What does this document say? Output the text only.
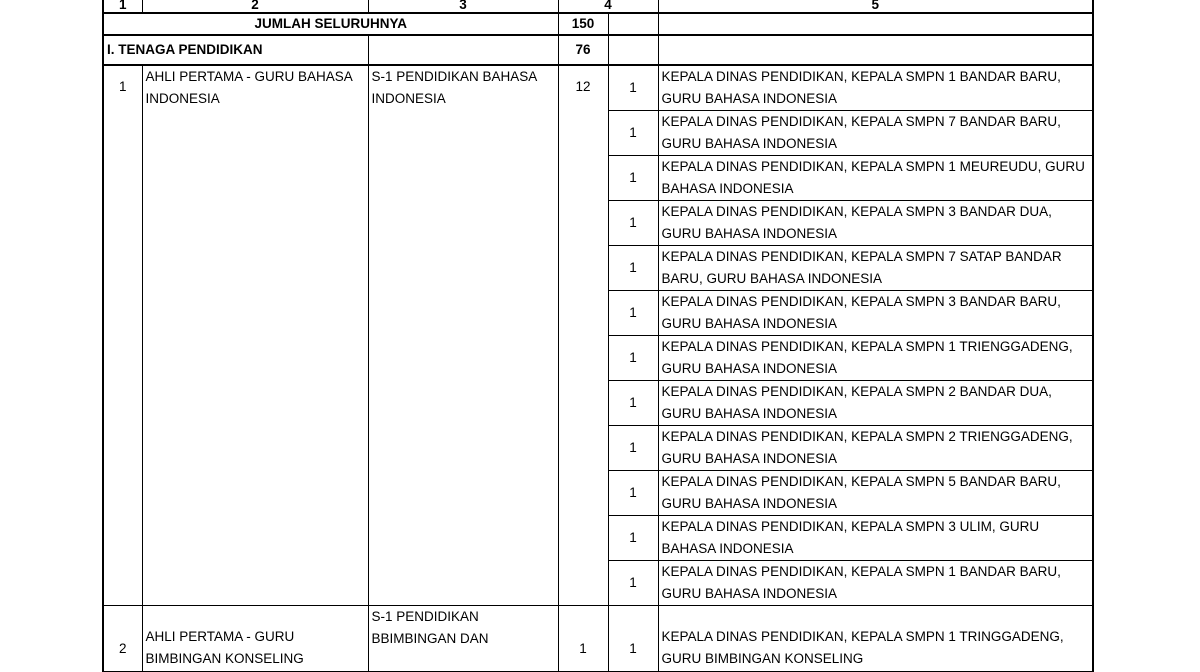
1	2	3	4		5
JUMLAH SELURUHNYA			150		
I. TENAGA PENDIDIKAN			76		

1	AHLI PERTAMA - GURU BAHASA INDONESIA	S-1 PENDIDIKAN BAHASA INDONESIA	12	1	KEPALA DINAS PENDIDIKAN, KEPALA SMPN 1 BANDAR BARU, GURU BAHASA INDONESIA
				1	KEPALA DINAS PENDIDIKAN, KEPALA SMPN 7 BANDAR BARU, GURU BAHASA INDONESIA
				1	KEPALA DINAS PENDIDIKAN, KEPALA SMPN 1 MEUREUDU, GURU BAHASA INDONESIA
				1	KEPALA DINAS PENDIDIKAN, KEPALA SMPN 3 BANDAR DUA, GURU BAHASA INDONESIA
				1	KEPALA DINAS PENDIDIKAN, KEPALA SMPN 7 SATAP BANDAR BARU, GURU BAHASA INDONESIA
				1	KEPALA DINAS PENDIDIKAN, KEPALA SMPN 3 BANDAR BARU, GURU BAHASA INDONESIA
				1	KEPALA DINAS PENDIDIKAN, KEPALA SMPN 1 TRIENGGADENG, GURU BAHASA INDONESIA
				1	KEPALA DINAS PENDIDIKAN, KEPALA SMPN 2 BANDAR DUA, GURU BAHASA INDONESIA
				1	KEPALA DINAS PENDIDIKAN, KEPALA SMPN 2 TRIENGGADENG, GURU BAHASA INDONESIA
				1	KEPALA DINAS PENDIDIKAN, KEPALA SMPN 5 BANDAR BARU, GURU BAHASA INDONESIA
				1	KEPALA DINAS PENDIDIKAN, KEPALA SMPN 3 ULIM, GURU BAHASA INDONESIA
				1	KEPALA DINAS PENDIDIKAN, KEPALA SMPN 1 BANDAR BARU, GURU BAHASA INDONESIA
2	AHLI PERTAMA - GURU BIMBINGAN KONSELING	S-1 PENDIDIKAN BBIMBINGAN DAN	1	1	KEPALA DINAS PENDIDIKAN, KEPALA SMPN 1 TRINGGADENG, GURU BIMBINGAN KONSELING
